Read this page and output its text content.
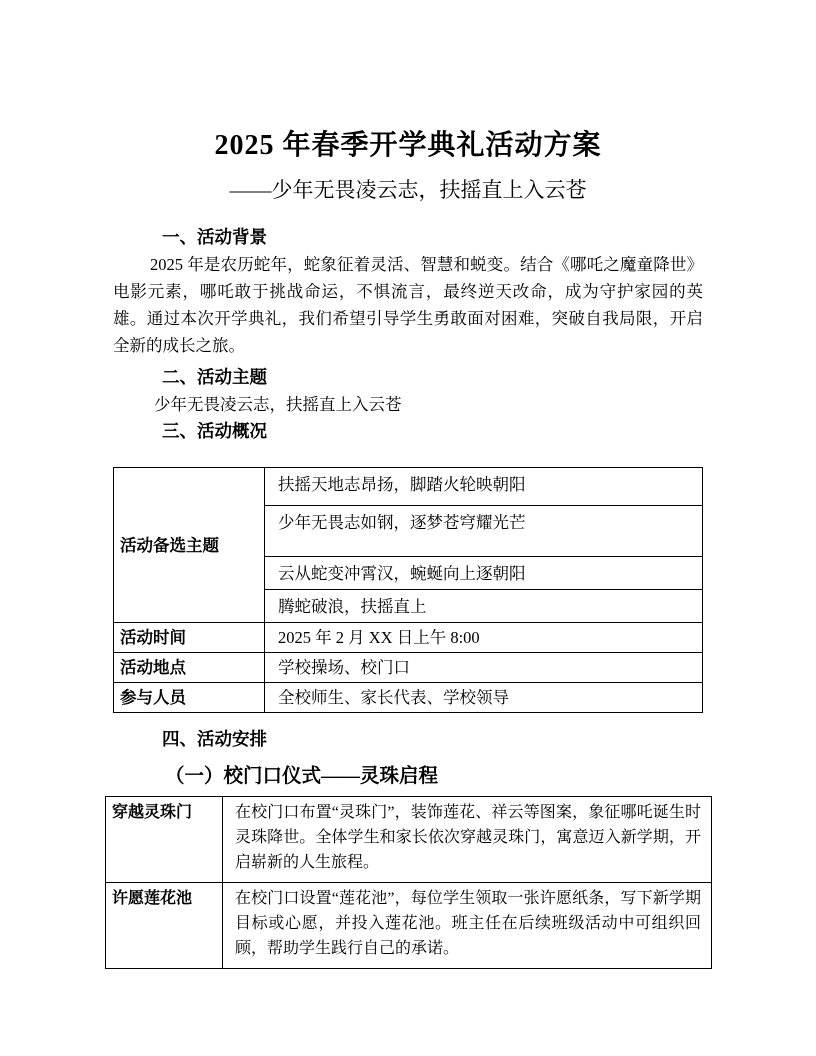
2025 年春季开学典礼活动方案
——少年无畏凌云志，扶摇直上入云苍
一、活动背景
2025 年是农历蛇年，蛇象征着灵活、智慧和蜕变。结合《哪吒之魔童降世》电影元素，哪吒敢于挑战命运，不惧流言，最终逆天改命，成为守护家园的英雄。通过本次开学典礼，我们希望引导学生勇敢面对困难，突破自我局限，开启全新的成长之旅。
二、活动主题
少年无畏凌云志，扶摇直上入云苍
三、活动概况
活动备选主题	扶摇天地志昂扬，脚踏火轮映朝阳
	少年无畏志如钢，逐梦苍穹耀光芒
	云从蛇变冲霄汉，蜿蜒向上逐朝阳
	腾蛇破浪，扶摇直上
活动时间	2025 年 2 月 XX 日上午 8:00
活动地点	学校操场、校门口
参与人员	全校师生、家长代表、学校领导
四、活动安排
（一）校门口仪式——灵珠启程
穿越灵珠门	在校门口布置“灵珠门”，装饰莲花、祥云等图案，象征哪吒诞生时灵珠降世。全体学生和家长依次穿越灵珠门，寓意迈入新学期，开启崭新的人生旅程。
许愿莲花池	在校门口设置“莲花池”，每位学生领取一张许愿纸条，写下新学期目标或心愿，并投入莲花池。班主任在后续班级活动中可组织回顾，帮助学生践行自己的承诺。
